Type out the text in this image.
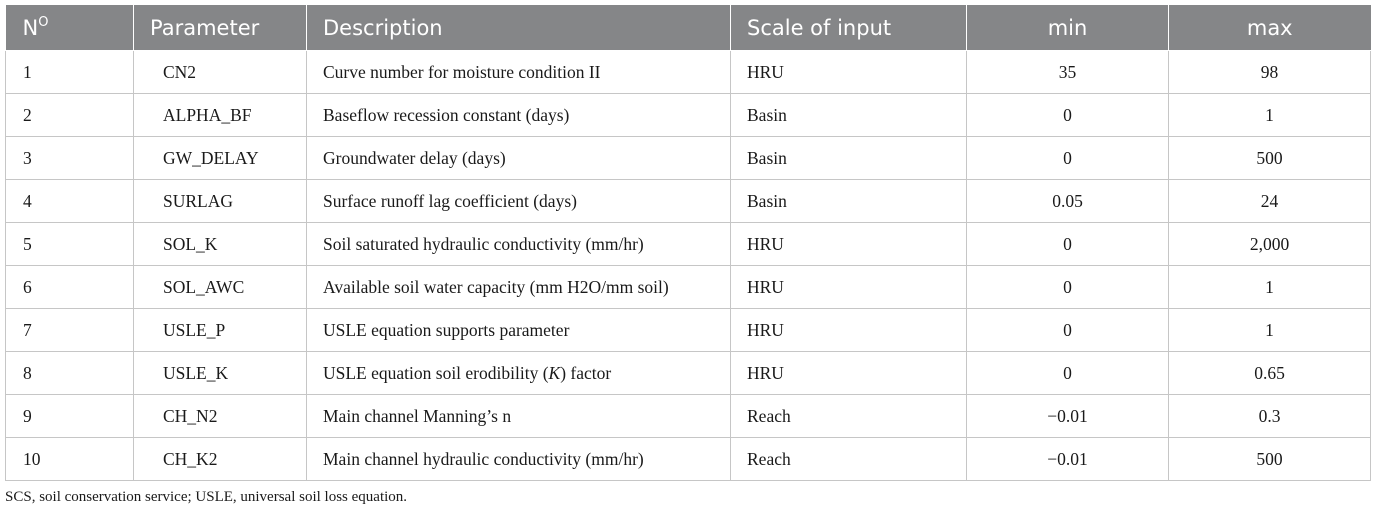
$N^O$	Parameter	Description	Scale of input	min	max
1	CN2	Curve number for moisture condition II	HRU	35	98
2	ALPHA_BF	Baseflow recession constant (days)	Basin	0	1
3	GW_DELAY	Groundwater delay (days)	Basin	0	500
4	SURLAG	Surface runoff lag coefficient (days)	Basin	0.05	24
5	SOL_K	Soil saturated hydraulic conductivity (mm/hr)	HRU	0	2,000
6	SOL_AWC	Available soil water capacity (mm H2O/mm soil)	HRU	0	1
7	USLE_P	USLE equation supports parameter	HRU	0	1
8	USLE_K	USLE equation soil erodibility (K) factor	HRU	0	0.65
9	CH_N2	Main channel Manning’s n	Reach	−0.01	0.3
10	CH_K2	Main channel hydraulic conductivity (mm/hr)	Reach	−0.01	500
SCS, soil conservation service; USLE, universal soil loss equation.
